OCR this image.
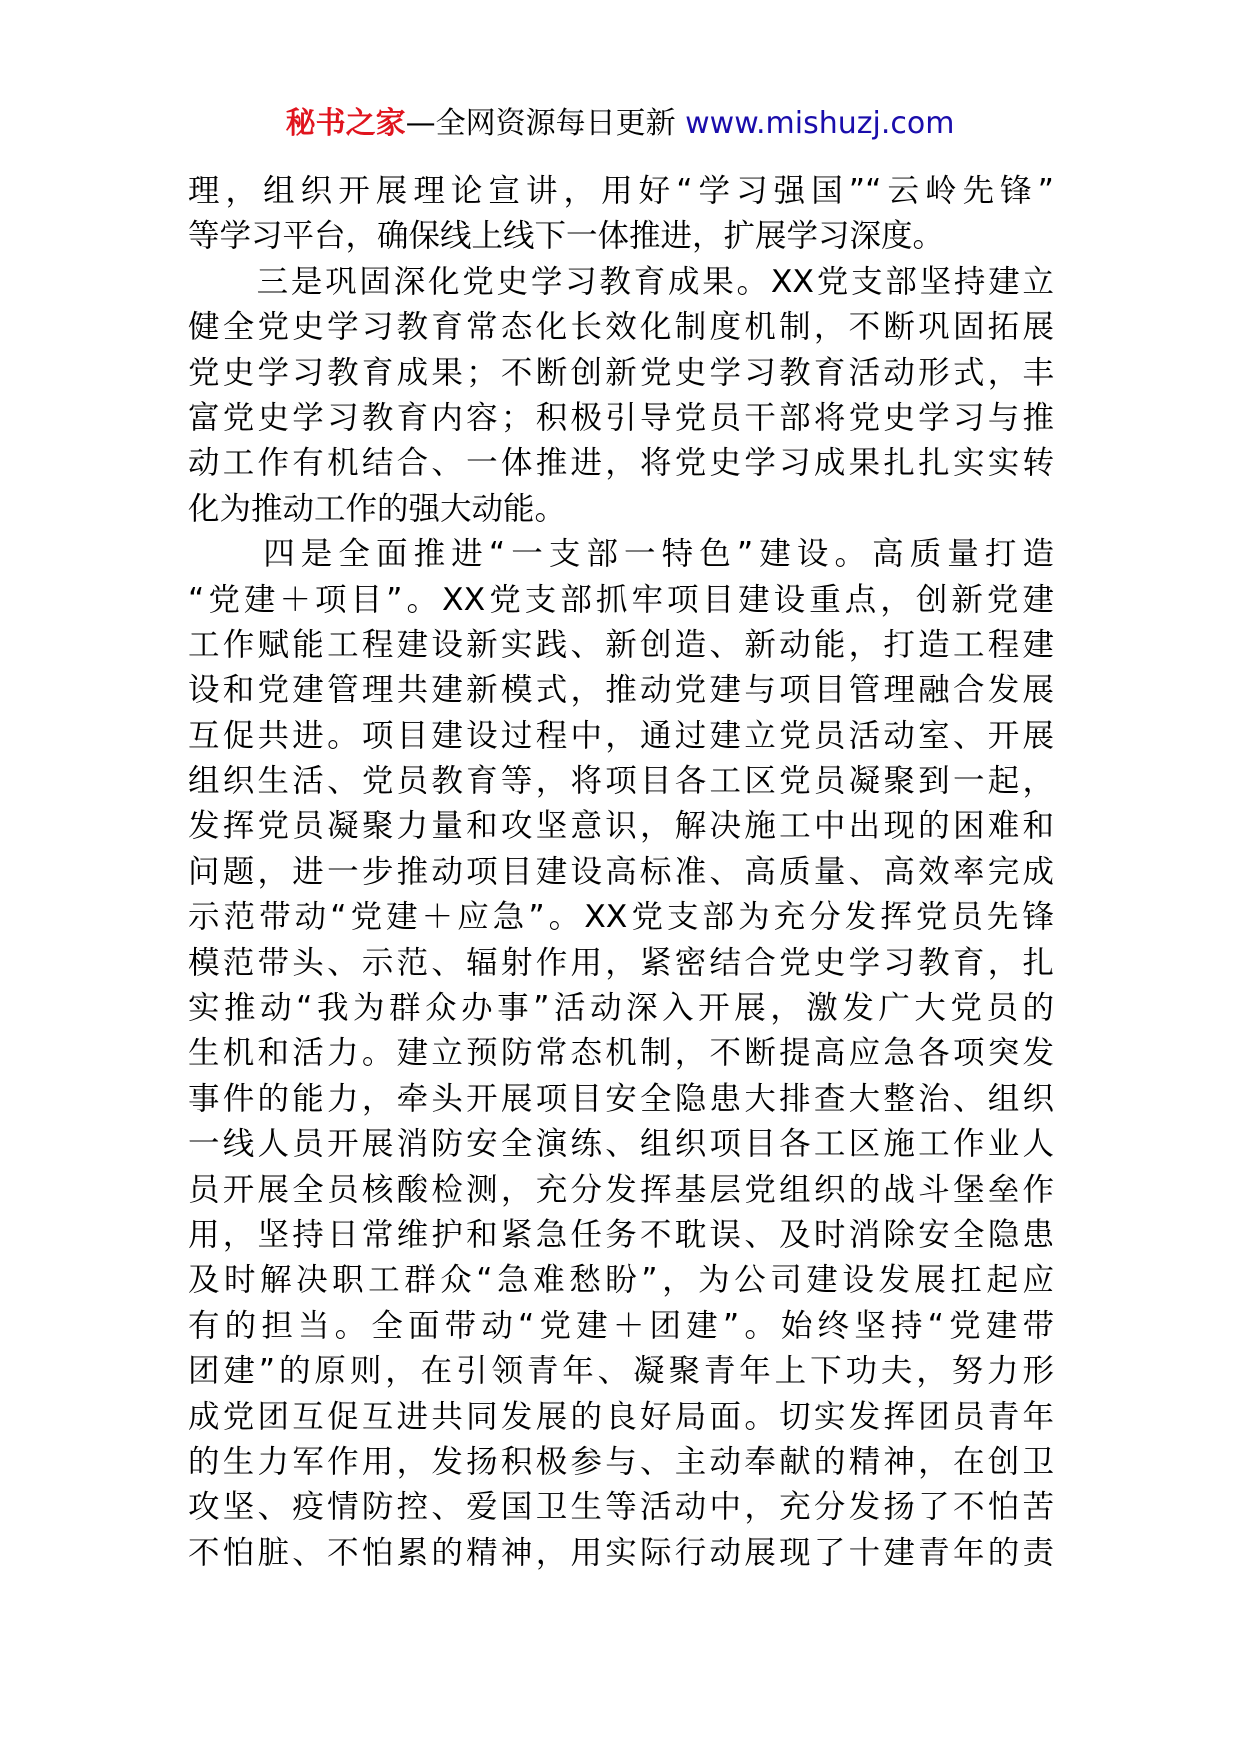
秘书之家—全网资源每日更新 www.mishuzj.com
理，组织开展理论宣讲，用好“学习强国”“云岭先锋”
等学习平台，确保线上线下一体推进，扩展学习深度。
　　三是巩固深化党史学习教育成果。XX党支部坚持建立
健全党史学习教育常态化长效化制度机制，不断巩固拓展
党史学习教育成果；不断创新党史学习教育活动形式，丰
富党史学习教育内容；积极引导党员干部将党史学习与推
动工作有机结合、一体推进，将党史学习成果扎扎实实转
化为推动工作的强大动能。
　　四是全面推进“一支部一特色”建设。高质量打造
“党建＋项目”。XX党支部抓牢项目建设重点，创新党建
工作赋能工程建设新实践、新创造、新动能，打造工程建
设和党建管理共建新模式，推动党建与项目管理融合发展
互促共进。项目建设过程中，通过建立党员活动室、开展
组织生活、党员教育等，将项目各工区党员凝聚到一起，
发挥党员凝聚力量和攻坚意识，解决施工中出现的困难和
问题，进一步推动项目建设高标准、高质量、高效率完成
示范带动“党建＋应急”。XX党支部为充分发挥党员先锋
模范带头、示范、辐射作用，紧密结合党史学习教育，扎
实推动“我为群众办事”活动深入开展，激发广大党员的
生机和活力。建立预防常态机制，不断提高应急各项突发
事件的能力，牵头开展项目安全隐患大排查大整治、组织
一线人员开展消防安全演练、组织项目各工区施工作业人
员开展全员核酸检测，充分发挥基层党组织的战斗堡垒作
用，坚持日常维护和紧急任务不耽误、及时消除安全隐患
及时解决职工群众“急难愁盼”，为公司建设发展扛起应
有的担当。全面带动“党建＋团建”。始终坚持“党建带
团建”的原则，在引领青年、凝聚青年上下功夫，努力形
成党团互促互进共同发展的良好局面。切实发挥团员青年
的生力军作用，发扬积极参与、主动奉献的精神，在创卫
攻坚、疫情防控、爱国卫生等活动中，充分发扬了不怕苦
不怕脏、不怕累的精神，用实际行动展现了十建青年的责
